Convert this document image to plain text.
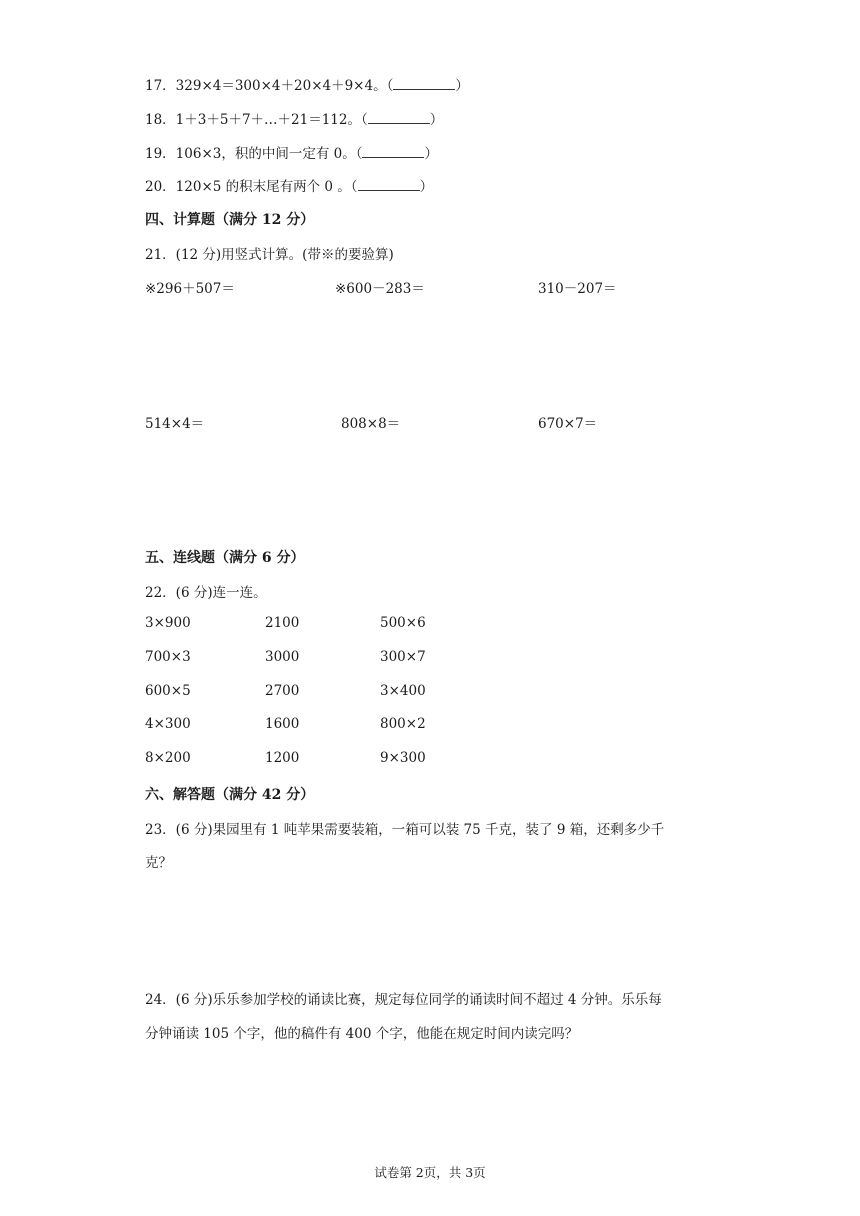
17．329×4＝300×4＋20×4＋9×4。（	）
18．1＋3＋5＋7＋…＋21＝112。（	）
19．106×3，积的中间一定有 0。（	）
20．120×5 的积末尾有两个 0 。（	）
四、计算题（满分 12 分）
21．(12 分)用竖式计算。(带※的要验算)
※296＋507＝	※600－283＝	310－207＝
514×4＝	808×8＝	670×7＝
五、连线题（满分 6 分）
22．(6 分)连一连。
3×900	2100	500×6
700×3	3000	300×7
600×5	2700	3×400
4×300	1600	800×2
8×200	1200	9×300
六、解答题（满分 42 分）
23．(6 分)果园里有 1 吨苹果需要装箱，一箱可以装 75 千克，装了 9 箱，还剩多少千
克？
24．(6 分)乐乐参加学校的诵读比赛，规定每位同学的诵读时间不超过 4 分钟。乐乐每
分钟诵读 105 个字，他的稿件有 400 个字，他能在规定时间内读完吗？
试卷第 2页，共 3页
